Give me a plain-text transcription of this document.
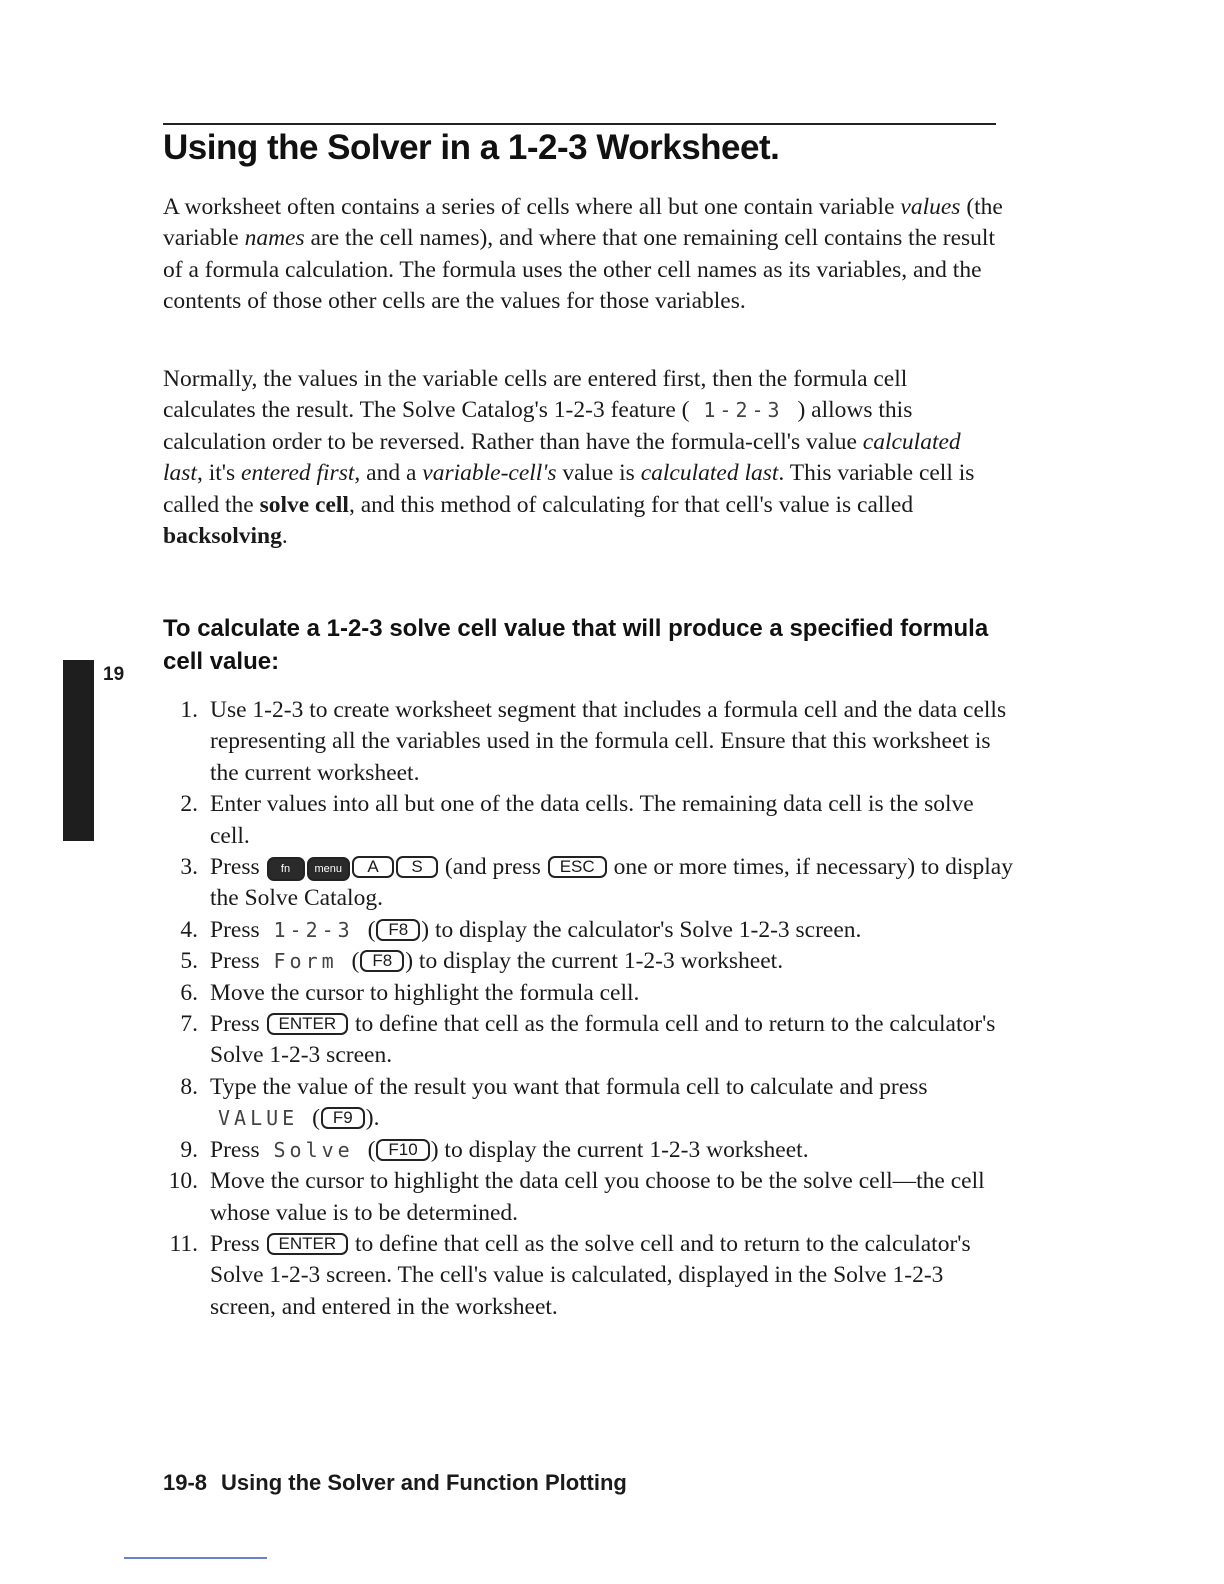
Using the Solver in a 1-2-3 Worksheet.

A worksheet often contains a series of cells where all but one contain variable values (the variable names are the cell names), and where that one remaining cell contains the result of a formula calculation. The formula uses the other cell names as its variables, and the contents of those other cells are the values for those variables.

Normally, the values in the variable cells are entered first, then the formula cell calculates the result. The Solve Catalog's 1-2-3 feature ( 1-2-3 ) allows this calculation order to be reversed. Rather than have the formula-cell's value calculated last, it's entered first, and a variable-cell's value is calculated last. This variable cell is called the solve cell, and this method of calculating for that cell's value is called backsolving.

To calculate a 1-2-3 solve cell value that will produce a specified formula cell value:
19
1. Use 1-2-3 to create worksheet segment that includes a formula cell and the data cells representing all the variables used in the formula cell. Ensure that this worksheet is the current worksheet.
2. Enter values into all but one of the data cells. The remaining data cell is the solve cell.
3. Press fn menu A S (and press ESC one or more times, if necessary) to display the Solve Catalog.
4. Press 1-2-3 ( F8 ) to display the calculator's Solve 1-2-3 screen.
5. Press Form ( F8 ) to display the current 1-2-3 worksheet.
6. Move the cursor to highlight the formula cell.
7. Press ENTER to define that cell as the formula cell and to return to the calculator's Solve 1-2-3 screen.
8. Type the value of the result you want that formula cell to calculate and press VALUE ( F9 ).
9. Press Solve ( F10 ) to display the current 1-2-3 worksheet.
10. Move the cursor to highlight the data cell you choose to be the solve cell—the cell whose value is to be determined.
11. Press ENTER to define that cell as the solve cell and to return to the calculator's Solve 1-2-3 screen. The cell's value is calculated, displayed in the Solve 1-2-3 screen, and entered in the worksheet.

19-8 Using the Solver and Function Plotting
